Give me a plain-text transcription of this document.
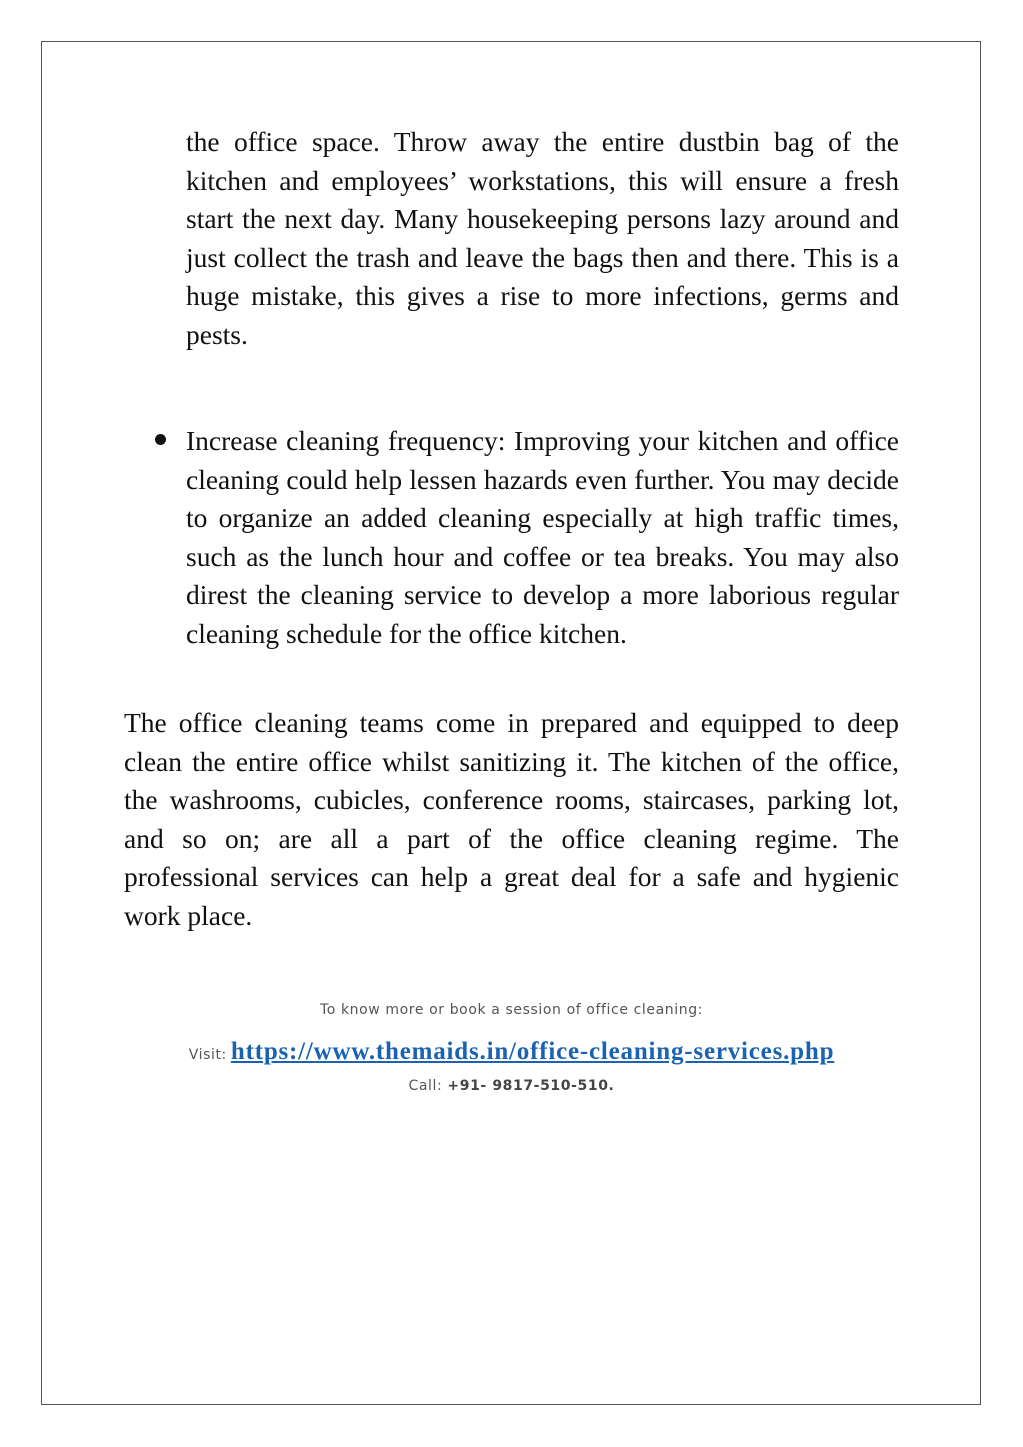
the office space. Throw away the entire dustbin bag of the kitchen and employees’ workstations, this will ensure a fresh start the next day. Many housekeeping persons lazy around and just collect the trash and leave the bags then and there. This is a huge mistake, this gives a rise to more infections, germs and pests.

Increase cleaning frequency: Improving your kitchen and office cleaning could help lessen hazards even further. You may decide to organize an added cleaning especially at high traffic times, such as the lunch hour and coffee or tea breaks. You may also direst the cleaning service to develop a more laborious regular cleaning schedule for the office kitchen.

The office cleaning teams come in prepared and equipped to deep clean the entire office whilst sanitizing it. The kitchen of the office, the washrooms, cubicles, conference rooms, staircases, parking lot, and so on; are all a part of the office cleaning regime. The professional services can help a great deal for a safe and hygienic work place.

To know more or book a session of office cleaning:

Visit: https://www.themaids.in/office-cleaning-services.php

Call: +91- 9817-510-510.
